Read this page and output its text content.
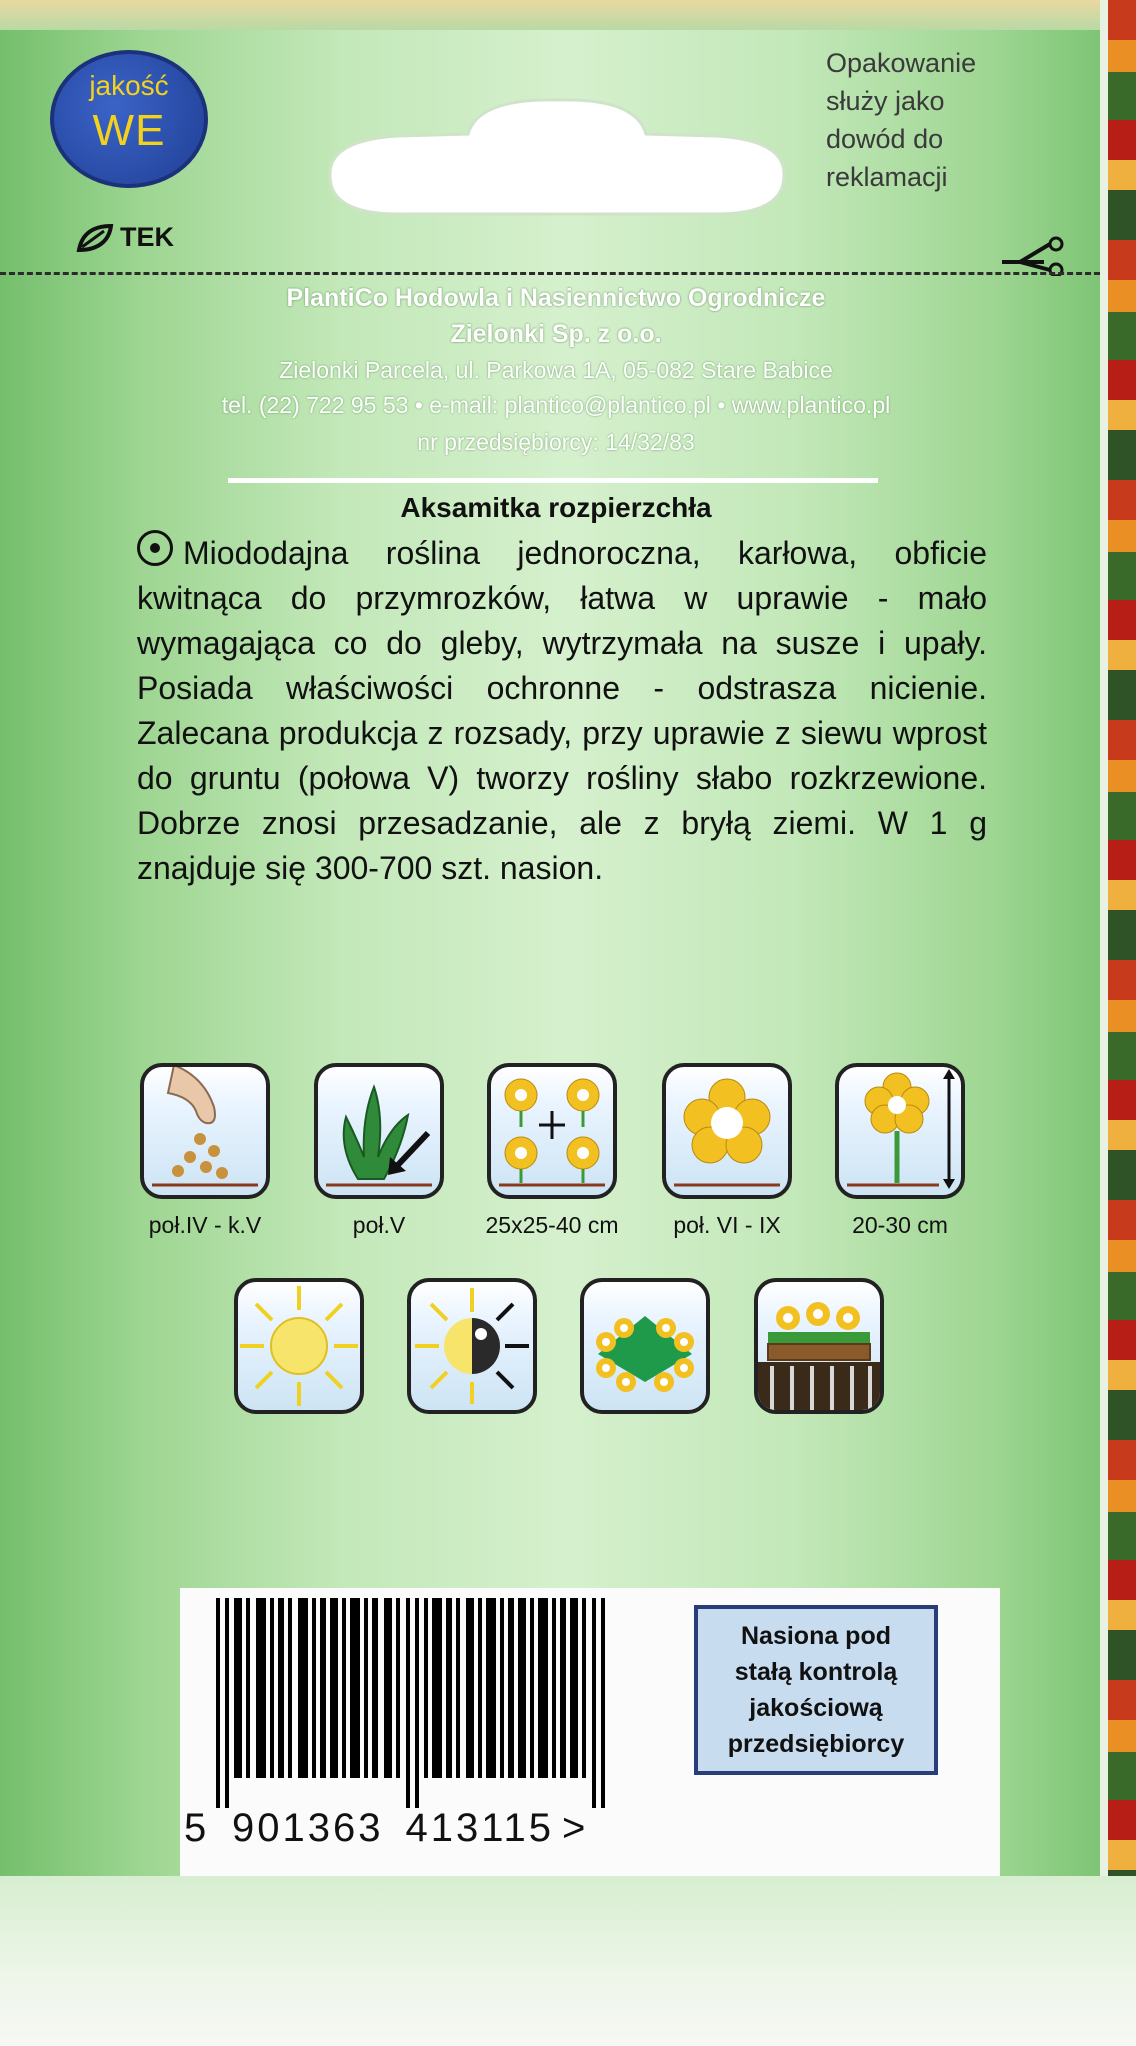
jakość
WE
TEK
Opakowanie
służy jako
dowód do
reklamacji
PlantiCo Hodowla i Nasiennictwo Ogrodnicze
Zielonki Sp. z o.o.
Zielonki Parcela, ul. Parkowa 1A, 05-082 Stare Babice
tel. (22) 722 95 53 • e-mail: plantico@plantico.pl • www.plantico.pl
nr przedsiębiorcy: 14/32/83
Aksamitka rozpierzchła
Miododajna roślina jednoroczna, karłowa, obficie kwitnąca do przymrozków, łatwa w uprawie - mało wymagająca co do gleby, wytrzymała na susze i upały. Posiada właściwości ochronne - odstrasza nicienie. Zalecana produkcja z rozsady, przy uprawie z siewu wprost do gruntu (połowa V) tworzy rośliny słabo rozkrzewione. Dobrze znosi przesadzanie, ale z bryłą ziemi. W 1 g znajduje się 300-700 szt. nasion.
poł.IV - k.V	poł.V	25x25-40 cm	poł. VI - IX	20-30 cm
5 901363 413115 >
Nasiona pod
stałą kontrolą
jakościową
przedsiębiorcy
